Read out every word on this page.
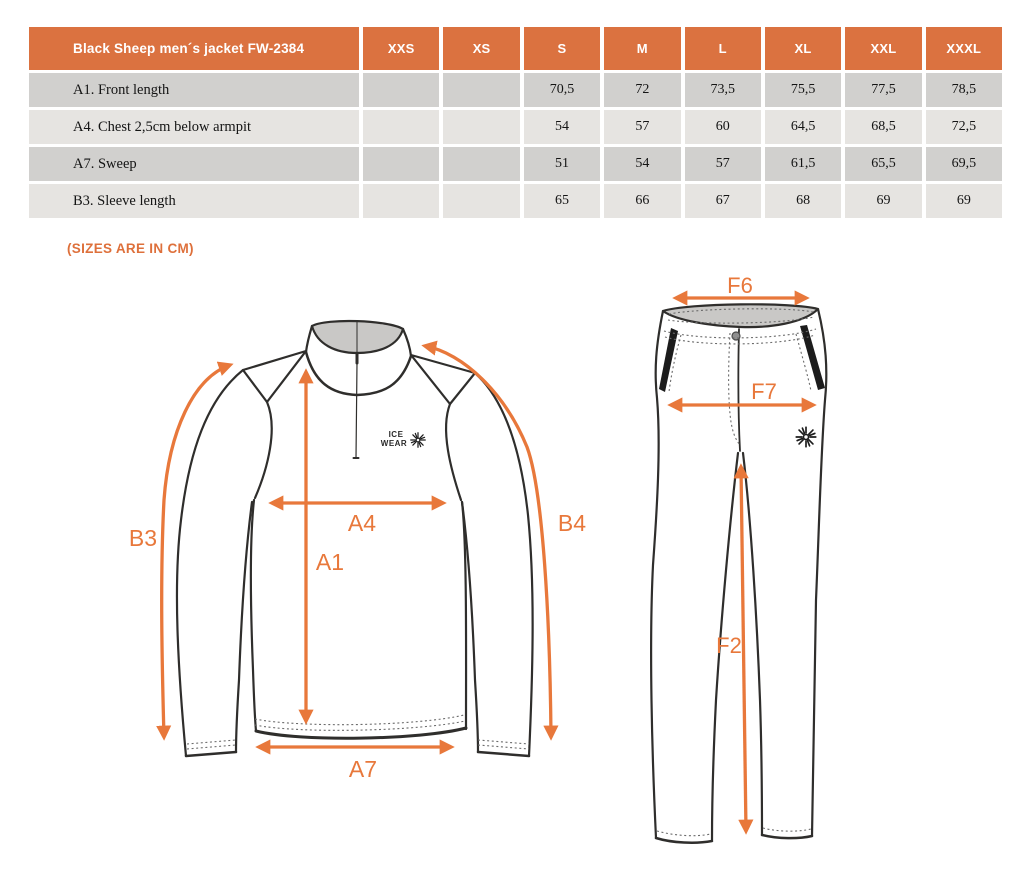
Black Sheep men´s jacket FW-2384	XXS	XS	S	M	L	XL	XXL	XXXL
A1. Front length			70,5	72	73,5	75,5	77,5	78,5
A4. Chest 2,5cm below armpit			54	57	60	64,5	68,5	72,5
A7. Sweep			51	54	57	61,5	65,5	69,5
B3. Sleeve length			65	66	67	68	69	69
(SIZES ARE IN CM)
ICE
WEAR
B3
A4
A1
B4
A7
F6
F7
F2
